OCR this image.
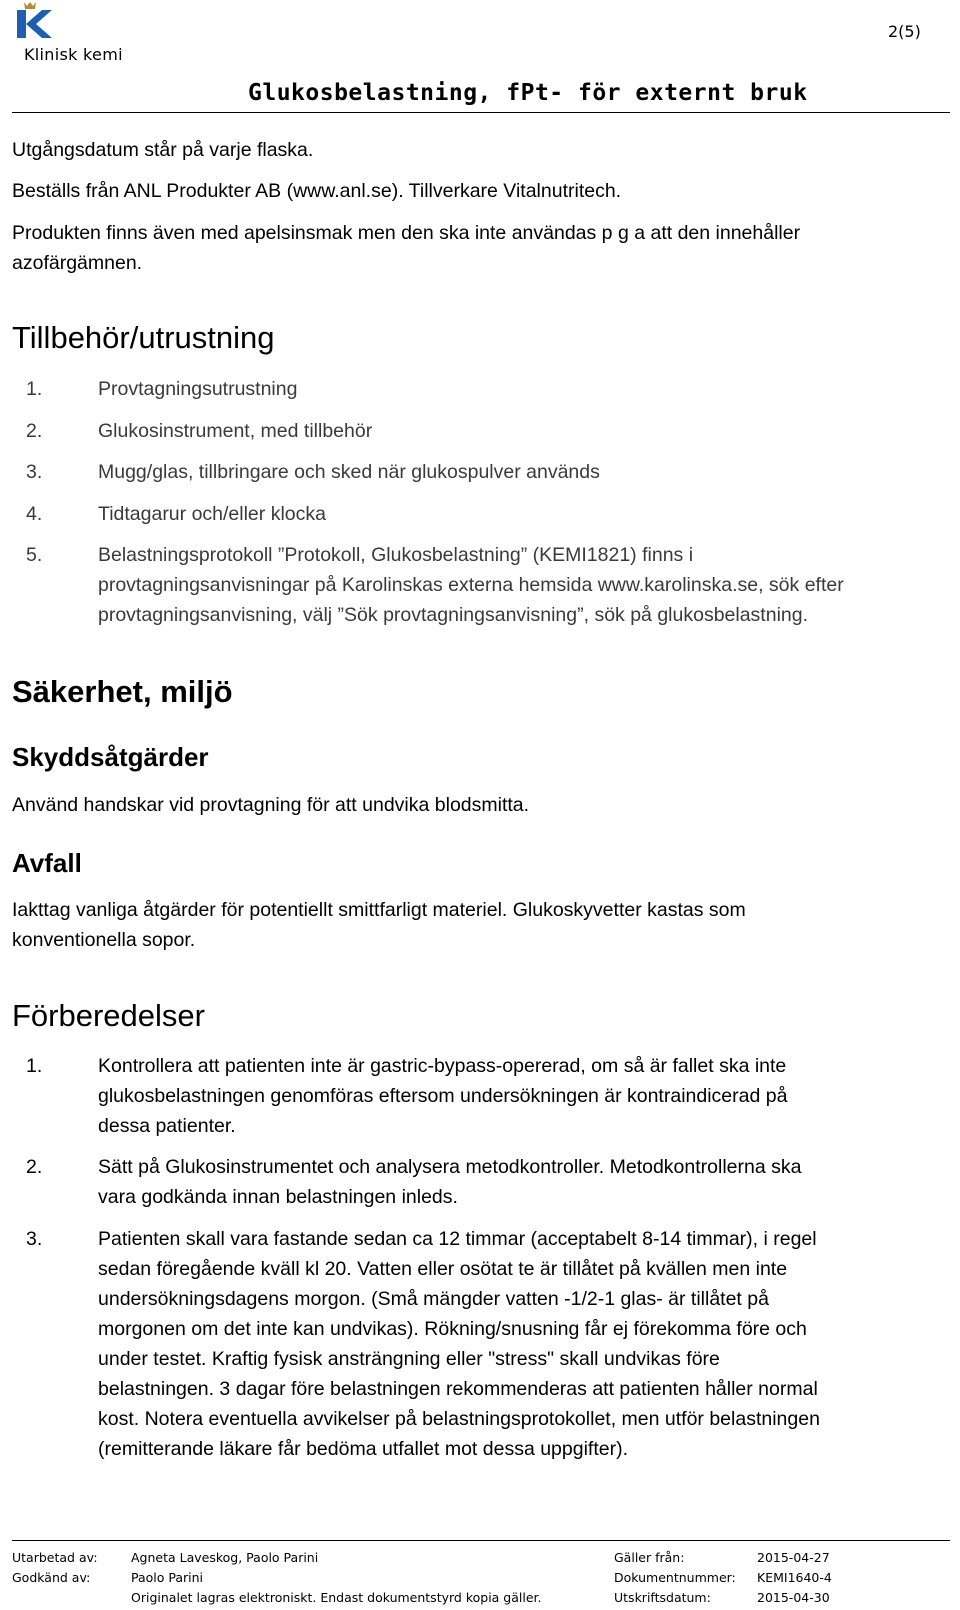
Klinisk kemi
2(5)
Glukosbelastning, fPt- för externt bruk
Utgångsdatum står på varje flaska.
Beställs från ANL Produkter AB (www.anl.se). Tillverkare Vitalnutritech.
Produkten finns även med apelsinsmak men den ska inte användas p g a att den innehåller
azofärgämnen.
Tillbehör/utrustning
1.	Provtagningsutrustning
2.	Glukosinstrument, med tillbehör
3.	Mugg/glas, tillbringare och sked när glukospulver används
4.	Tidtagarur och/eller klocka
5.	Belastningsprotokoll ”Protokoll, Glukosbelastning” (KEMI1821) finns i
provtagningsanvisningar på Karolinskas externa hemsida www.karolinska.se, sök efter
provtagningsanvisning, välj ”Sök provtagningsanvisning”, sök på glukosbelastning.
Säkerhet, miljö
Skyddsåtgärder
Använd handskar vid provtagning för att undvika blodsmitta.
Avfall
Iakttag vanliga åtgärder för potentiellt smittfarligt materiel. Glukoskyvetter kastas som
konventionella sopor.
Förberedelser
1.	Kontrollera att patienten inte är gastric-bypass-opererad, om så är fallet ska inte
glukosbelastningen genomföras eftersom undersökningen är kontraindicerad på
dessa patienter.
2.	Sätt på Glukosinstrumentet och analysera metodkontroller. Metodkontrollerna ska
vara godkända innan belastningen inleds.
3.	Patienten skall vara fastande sedan ca 12 timmar (acceptabelt 8-14 timmar), i regel
sedan föregående kväll kl 20. Vatten eller osötat te är tillåtet på kvällen men inte
undersökningsdagens morgon. (Små mängder vatten -1/2-1 glas- är tillåtet på
morgonen om det inte kan undvikas). Rökning/snusning får ej förekomma före och
under testet. Kraftig fysisk ansträngning eller "stress" skall undvikas före
belastningen. 3 dagar före belastningen rekommenderas att patienten håller normal
kost. Notera eventuella avvikelser på belastningsprotokollet, men utför belastningen
(remitterande läkare får bedöma utfallet mot dessa uppgifter).
Utarbetad av:	Agneta Laveskog, Paolo Parini	Gäller från:	2015-04-27
Godkänd av:	Paolo Parini	Dokumentnummer: KEMI1640-4
Originalet lagras elektroniskt. Endast dokumentstyrd kopia gäller.	Utskriftsdatum:	2015-04-30
